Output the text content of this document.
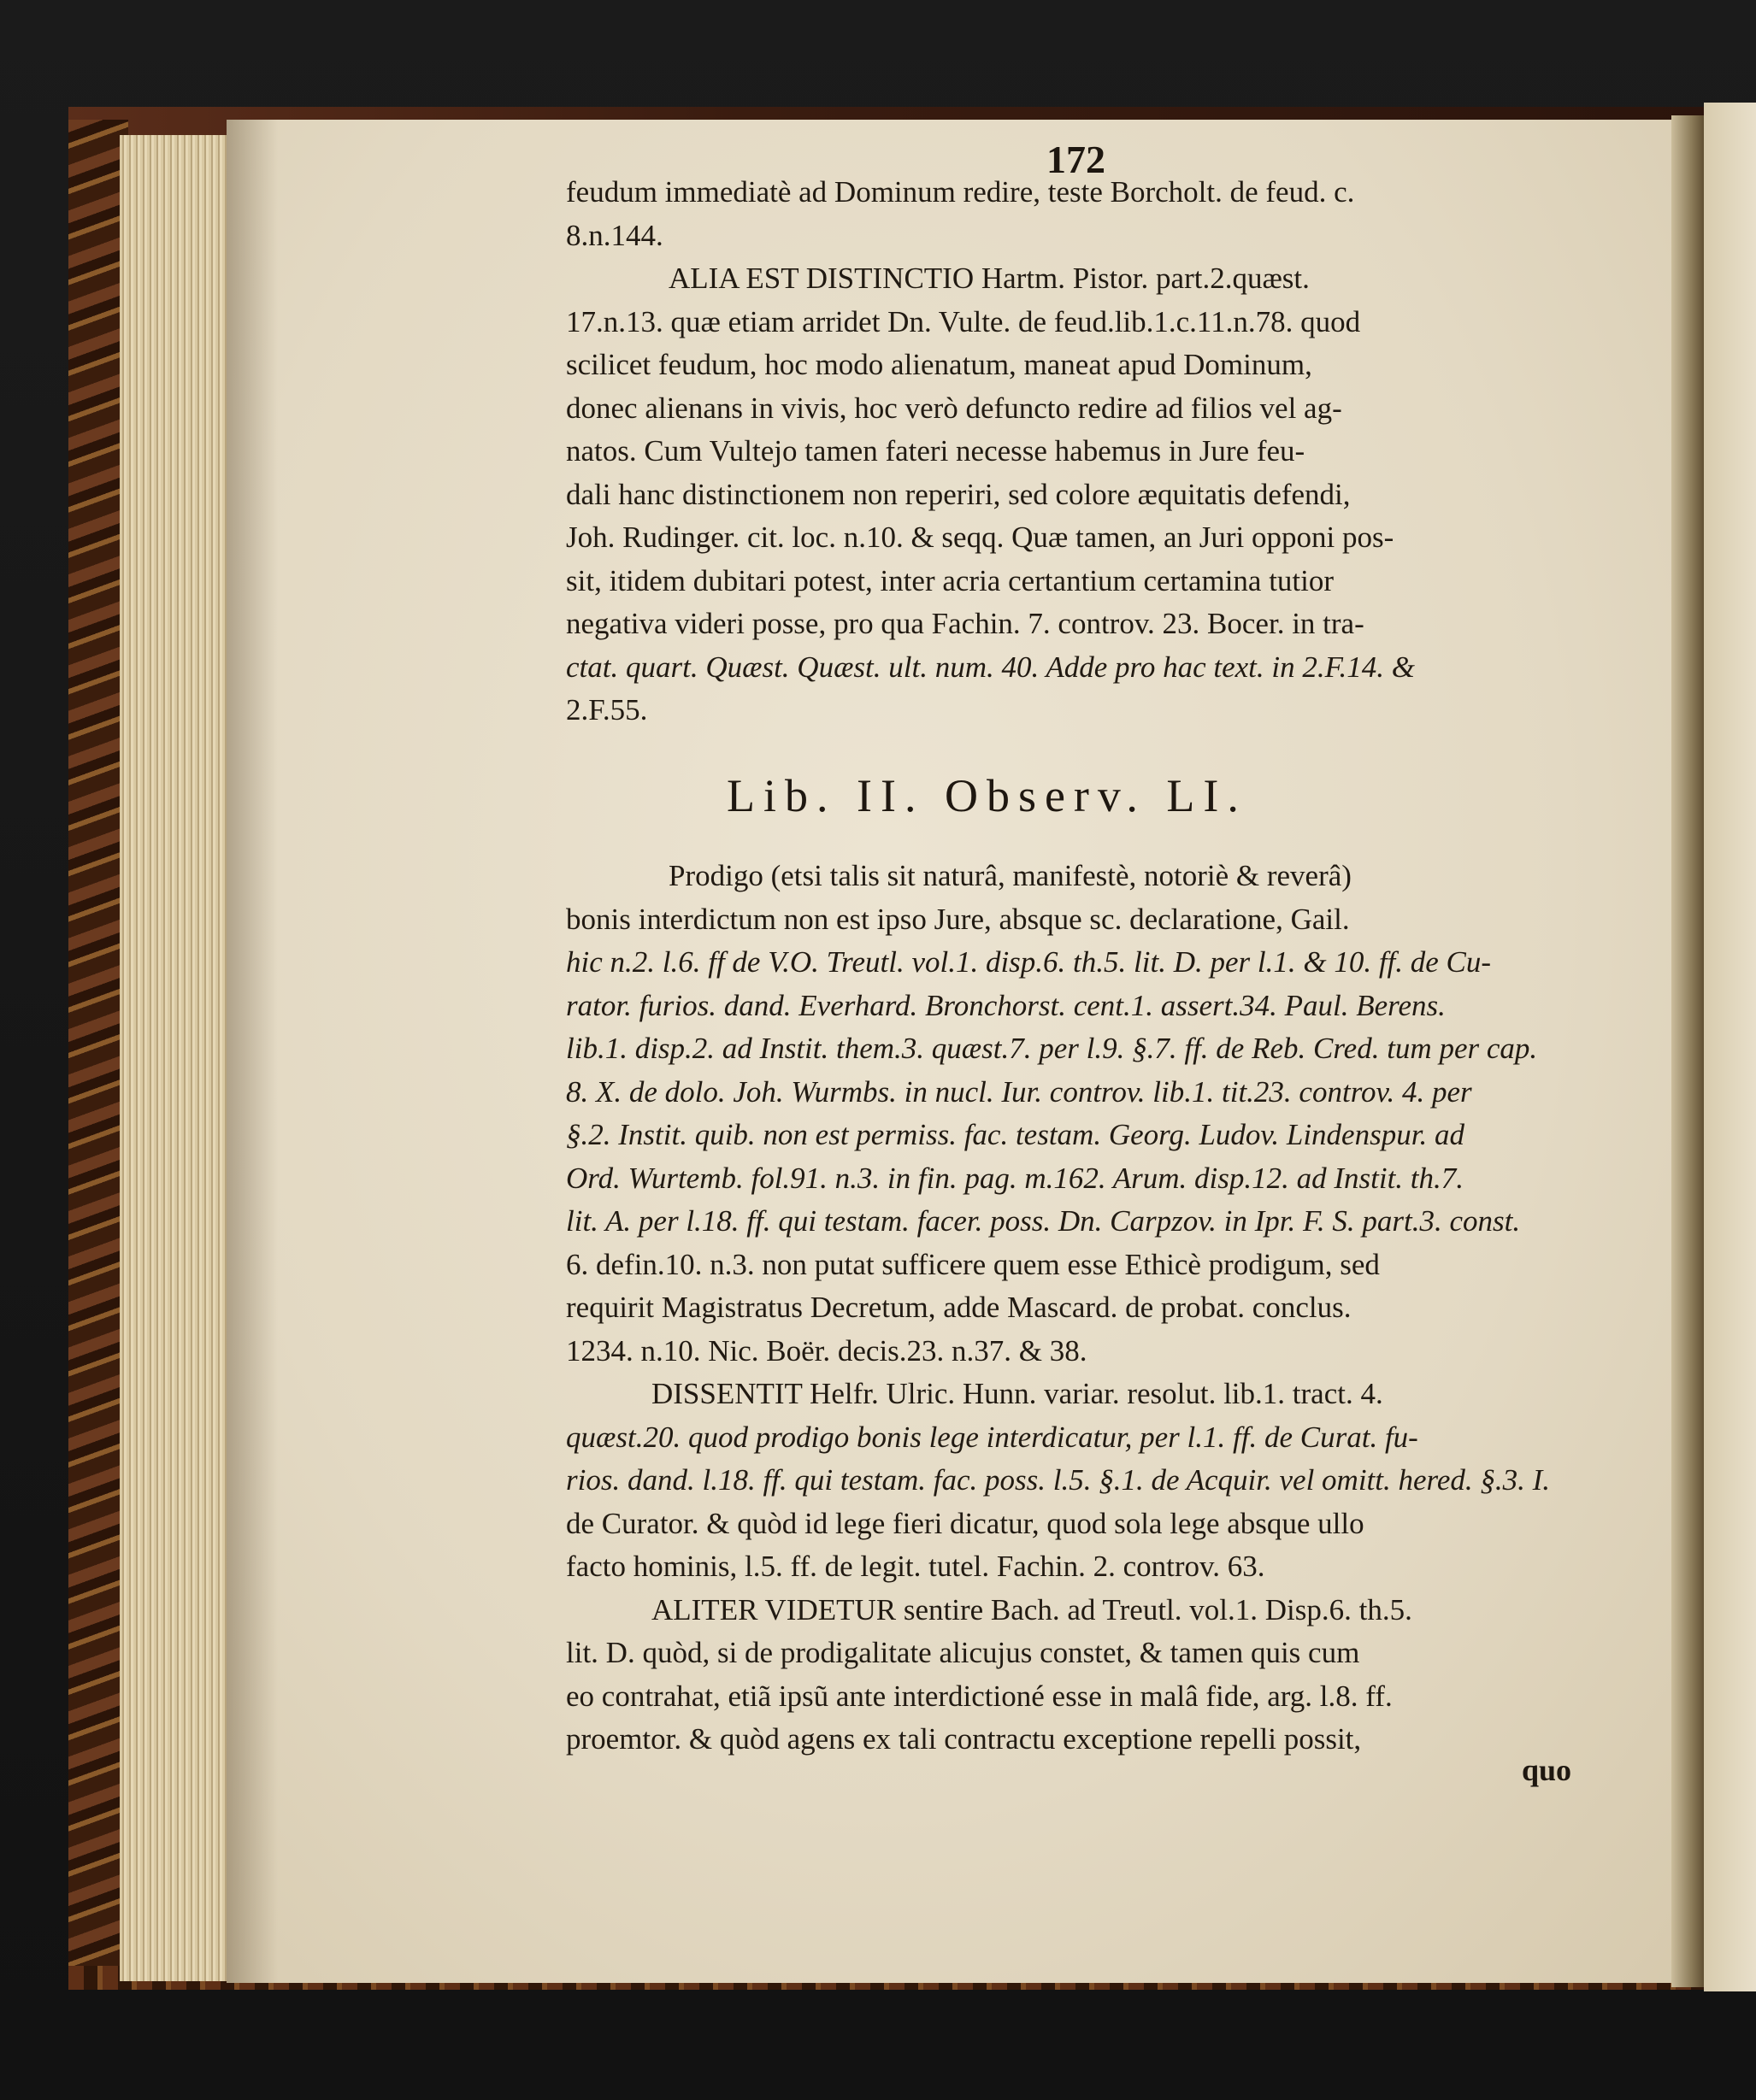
172
feudum immediatè ad Dominum redire, teste Borcholt. de feud. c.
8.n.144.
ALIA EST DISTINCTIO Hartm. Pistor. part.2.quæst.
17.n.13. quæ etiam arridet Dn. Vulte. de feud.lib.1.c.11.n.78. quod
scilicet feudum, hoc modo alienatum, maneat apud Dominum,
donec alienans in vivis, hoc verò defuncto redire ad filios vel ag-
natos. Cum Vultejo tamen fateri necesse habemus in Jure feu-
dali hanc distinctionem non reperiri, sed colore æquitatis defendi,
Joh. Rudinger. cit. loc. n.10. & seqq. Quæ tamen, an Juri opponi pos-
sit, itidem dubitari potest, inter acria certantium certamina tutior
negativa videri posse, pro qua Fachin. 7. controv. 23. Bocer. in tra-
ctat. quart. Quæst. Quæst. ult. num. 40. Adde pro hac text. in 2.F.14. &
2.F.55.
Lib. II. Observ. LI.
Prodigo (etsi talis sit naturâ, manifestè, notoriè & reverâ)
bonis interdictum non est ipso Jure, absque sc. declaratione, Gail.
hic n.2. l.6. ff de V.O. Treutl. vol.1. disp.6. th.5. lit. D. per l.1. & 10. ff. de Cu-
rator. furios. dand. Everhard. Bronchorst. cent.1. assert.34. Paul. Berens.
lib.1. disp.2. ad Instit. them.3. quæst.7. per l.9. §.7. ff. de Reb. Cred. tum per cap.
8. X. de dolo. Joh. Wurmbs. in nucl. Iur. controv. lib.1. tit.23. controv. 4. per
§.2. Instit. quib. non est permiss. fac. testam. Georg. Ludov. Lindenspur. ad
Ord. Wurtemb. fol.91. n.3. in fin. pag. m.162. Arum. disp.12. ad Instit. th.7.
lit. A. per l.18. ff. qui testam. facer. poss. Dn. Carpzov. in Ipr. F. S. part.3. const.
6. defin.10. n.3. non putat sufficere quem esse Ethicè prodigum, sed
requirit Magistratus Decretum, adde Mascard. de probat. conclus.
1234. n.10. Nic. Boër. decis.23. n.37. & 38.
DISSENTIT Helfr. Ulric. Hunn. variar. resolut. lib.1. tract. 4.
quæst.20. quod prodigo bonis lege interdicatur, per l.1. ff. de Curat. fu-
rios. dand. l.18. ff. qui testam. fac. poss. l.5. §.1. de Acquir. vel omitt. hered. §.3. I.
de Curator. & quòd id lege fieri dicatur, quod sola lege absque ullo
facto hominis, l.5. ff. de legit. tutel. Fachin. 2. controv. 63.
ALITER VIDETUR sentire Bach. ad Treutl. vol.1. Disp.6. th.5.
lit. D. quòd, si de prodigalitate alicujus constet, & tamen quis cum
eo contrahat, etiã ipsũ ante interdictioné esse in malâ fide, arg. l.8. ff.
proemtor. & quòd agens ex tali contractu exceptione repelli possit,
quo
